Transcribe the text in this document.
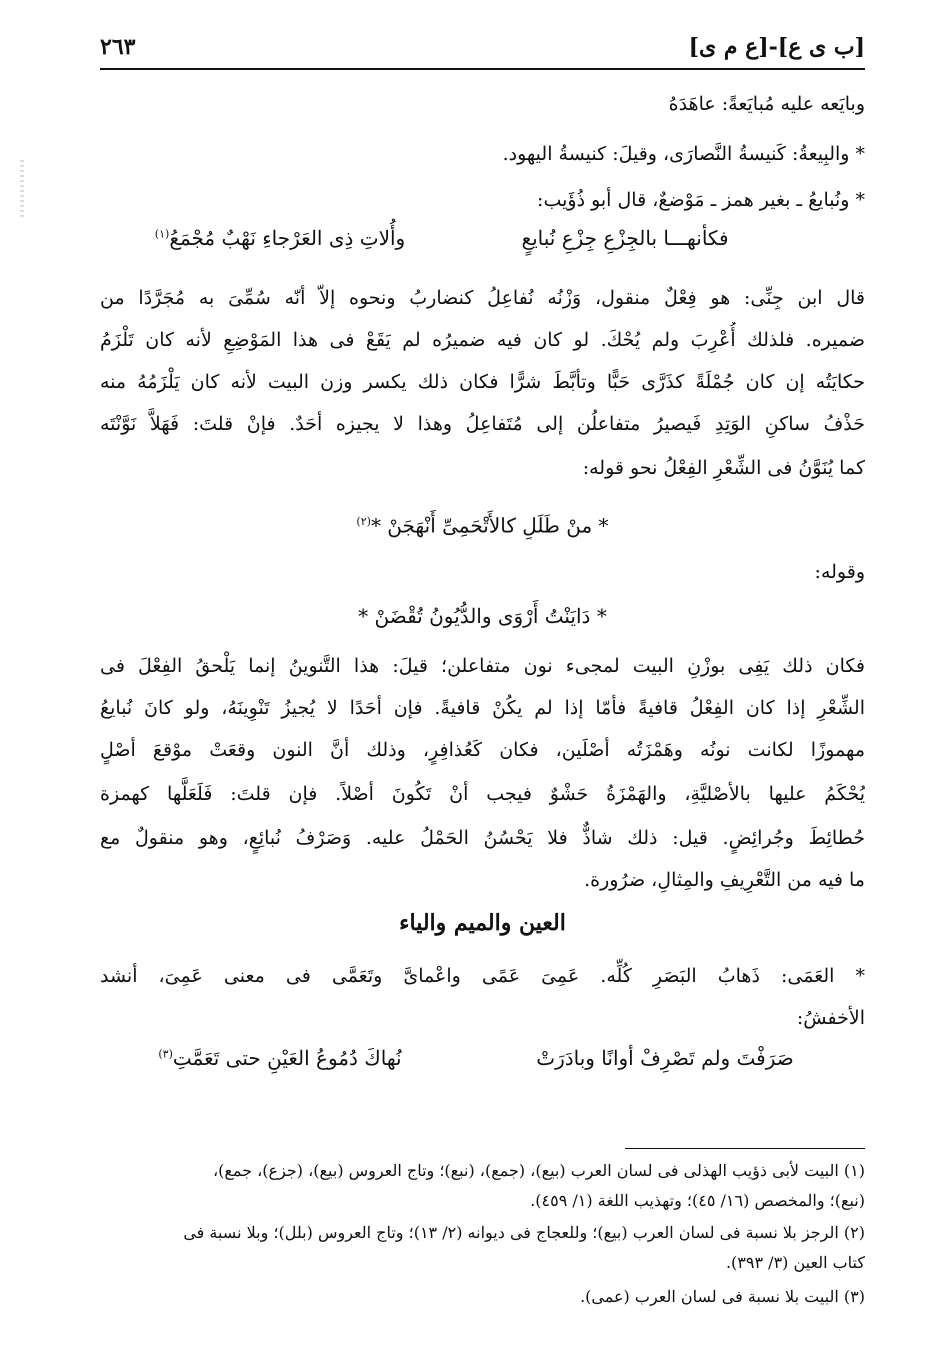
[ب ى ع]-[ع م ى]
٢٦٣
وبايَعه عليه مُبايَعةً: عاهَدَهُ
* والبِيعةُ: كَنيسةُ النَّصارَى، وقيلَ: كنيسةُ اليهود.
* ونُبايعُ ـ بغير همز ـ مَوْضعٌ، قال أبو ذُؤَيب:
فكأنهـــا بالجِزْعِ جِزْعِ نُبايعٍ
وأُلاتِ ذِى العَرْجاءِ نَهْبٌ مُجْمَعُ$^{(١)}$
قال ابن جِنِّى: هو فِعْلٌ منقول، وَزْنُه نُفاعِلُ كنضاربُ ونحوه إلاّ أنّه سُمِّىَ به مُجَرَّدًا من
ضميره. فلذلك أُعْرِبَ ولم يُحْكَ. لو كان فيه ضميرُه لم يَقَعْ فى هذا المَوْضِعِ لأنه كان تَلْزَمُ
حكايَتُه إن كان جُمْلَةً كذَرَّى حَبًّا وتأبَّطَ شرًّا فكان ذلك يكسر وزن البيت لأنه كان يَلْزَمُهُ منه
حَذْفُ ساكنِ الوَتِدِ فَيصيرُ متفاعلُن إلى مُتَفاعِلُ وهذا لا يجيزه أحَدٌ. فإنْ قلتَ: فَهَلاَّ نَوَّنْتَه
كما يُنَوَّنُ فى الشِّعْرِ الفِعْلُ نحو قوله:
* منْ طَلَلٍ كالأَتْحَمِىِّ أَنْهَجَنْ *$^{(٢)}$
وقوله:
* دَايَنْتُ أَرْوَى والدُّيُونُ تُقْضَنْ *
فكان ذلك يَفِى بوزْنِ البيت لمجىء نون متفاعلن؛ قيلَ: هذا التَّنوينُ إنما يَلْحقُ الفِعْلَ فى
الشِّعْرِ إذا كان الفِعْلُ قافيةً فأمّا إذا لم يكُنْ قافيةً. فإن أحَدًا لا يُجيزُ تَنْوِينَهُ، ولو كانَ نُبايعُ
مهموزًا لكانت نونُه وهَمْزَتُه أصْلَين، فكان كَعُذافِرٍ، وذلك أنَّ النون وقعَتْ موْقعَ أصْلٍ
يُحْكَمُ عليها بالأصْليَّةِ، والهَمْزَةُ حَشْوٌ فيجب أنْ تَكُونَ أصْلاً. فإن قلتَ: فَلَعَلَّها كهمزة
حُطائِطَ وجُرائِضٍ. قيل: ذلك شاذٌّ فلا يَحْسُنُ الحَمْلُ عليه. وَصَرْفُ نُبائِعٍ، وهو منقولٌ مع
ما فيه من التَّعْرِيفِ والمِثالِ، ضرُورة.
العين والميم والياء
* العَمَى: ذَهابُ البَصَرِ كُلِّه. عَمِىَ عَمًى واعْماىَّ وتَعَمَّى فى معنى عَمِىَ، أنشد
الأخفشُ:
صَرَفْتَ ولم تَصْرِفْ أوانًا وبادَرَتْ
نُهاكَ دُمُوعُ العَيْنِ حتى تَعَمَّتِ$^{(٣)}$
(١) البيت لأبى ذؤيب الهذلى فى لسان العرب (بيع)، (جمع)، (نبع)؛ وتاج العروس (بيع)، (جزع)، جمع)،
(نبع)؛ والمخصص (١٦/ ٤٥)؛ وتهذيب اللغة (١/ ٤٥٩).
(٢) الرجز بلا نسبة فى لسان العرب (بيع)؛ وللعجاج فى ديوانه (٢/ ١٣)؛ وتاج العروس (بلل)؛ وبلا نسبة فى
كتاب العين (٣/ ٣٩٣).
(٣) البيت بلا نسبة فى لسان العرب (عمى).
